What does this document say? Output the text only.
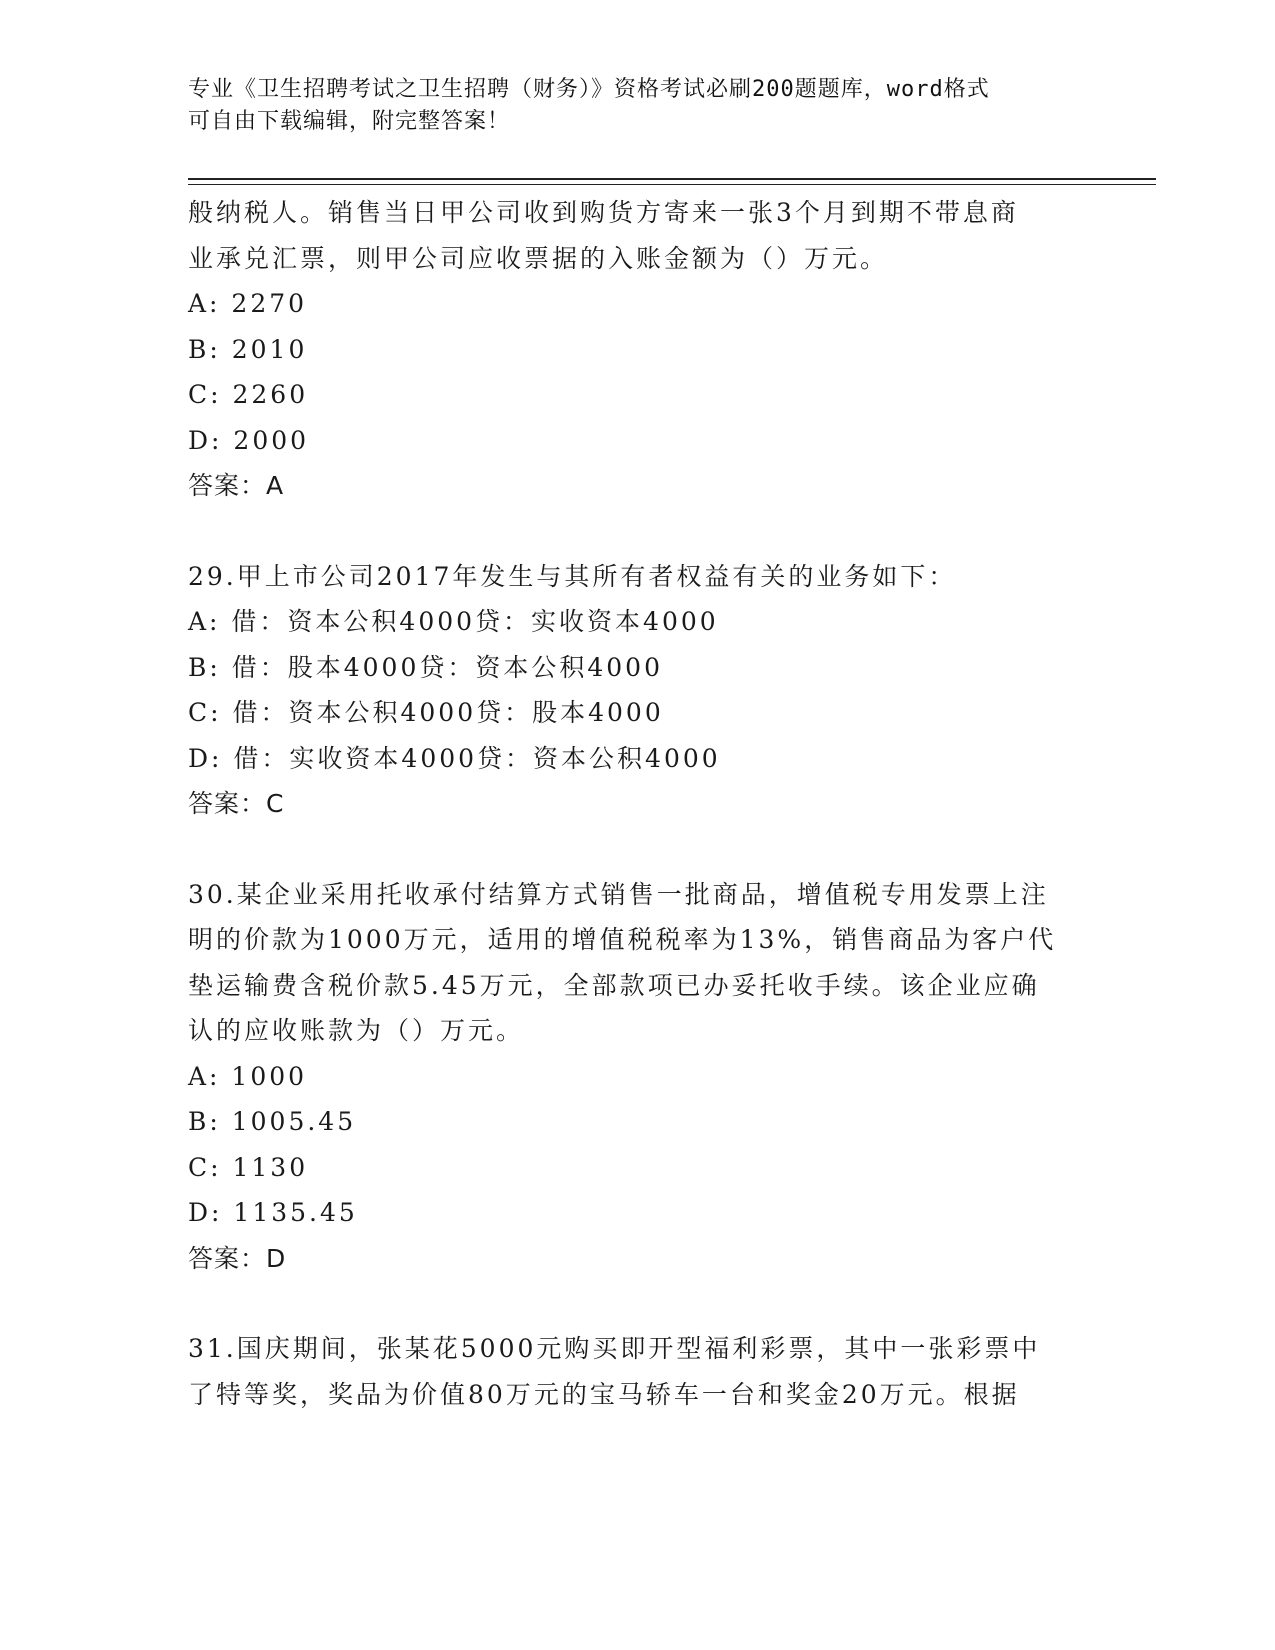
专业《卫生招聘考试之卫生招聘（财务）》资格考试必刷200题题库，word格式
可自由下载编辑，附完整答案！

般纳税人。销售当日甲公司收到购货方寄来一张3个月到期不带息商

业承兑汇票，则甲公司应收票据的入账金额为（）万元。

A: 2270

B: 2010

C: 2260

D: 2000

答案：A

29.甲上市公司2017年发生与其所有者权益有关的业务如下：

A: 借：资本公积4000贷：实收资本4000

B: 借：股本4000贷：资本公积4000

C: 借：资本公积4000贷：股本4000

D: 借：实收资本4000贷：资本公积4000

答案：C

30.某企业采用托收承付结算方式销售一批商品，增值税专用发票上注

明的价款为1000万元，适用的增值税税率为13%，销售商品为客户代

垫运输费含税价款5.45万元，全部款项已办妥托收手续。该企业应确

认的应收账款为（）万元。

A: 1000

B: 1005.45

C: 1130

D: 1135.45

答案：D

31.国庆期间，张某花5000元购买即开型福利彩票，其中一张彩票中

了特等奖，奖品为价值80万元的宝马轿车一台和奖金20万元。根据
